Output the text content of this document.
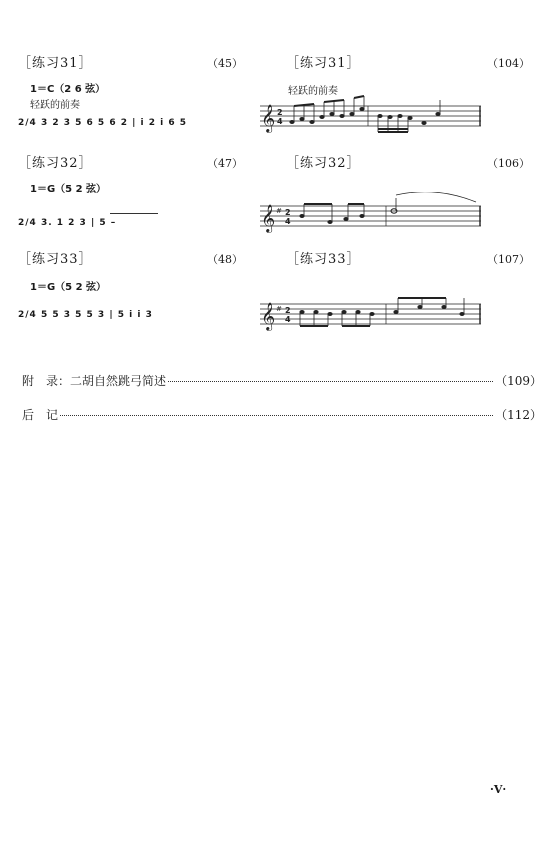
［练习31］	（45）
1＝C（2 6 弦）
轻跃的前奏
2/4 3 2 3 5 6 5 6 2 | i 2 i 6 5
［练习32］	（47）
1＝G（5 2 弦）
2/4 3. 1 2 3 | 5 –
［练习33］	（48）
1＝G（5 2 弦）
2/4 5 5 3 5 5 3 | 5 i i 3
［练习31］	（104）
轻跃的前奏
𝄞 2
4
［练习32］	（106）
𝄞 # 2
4
［练习33］	（107）
𝄞 # 2
4
附　录：二胡自然跳弓简述	（109）
后　记	（112）
·V·
